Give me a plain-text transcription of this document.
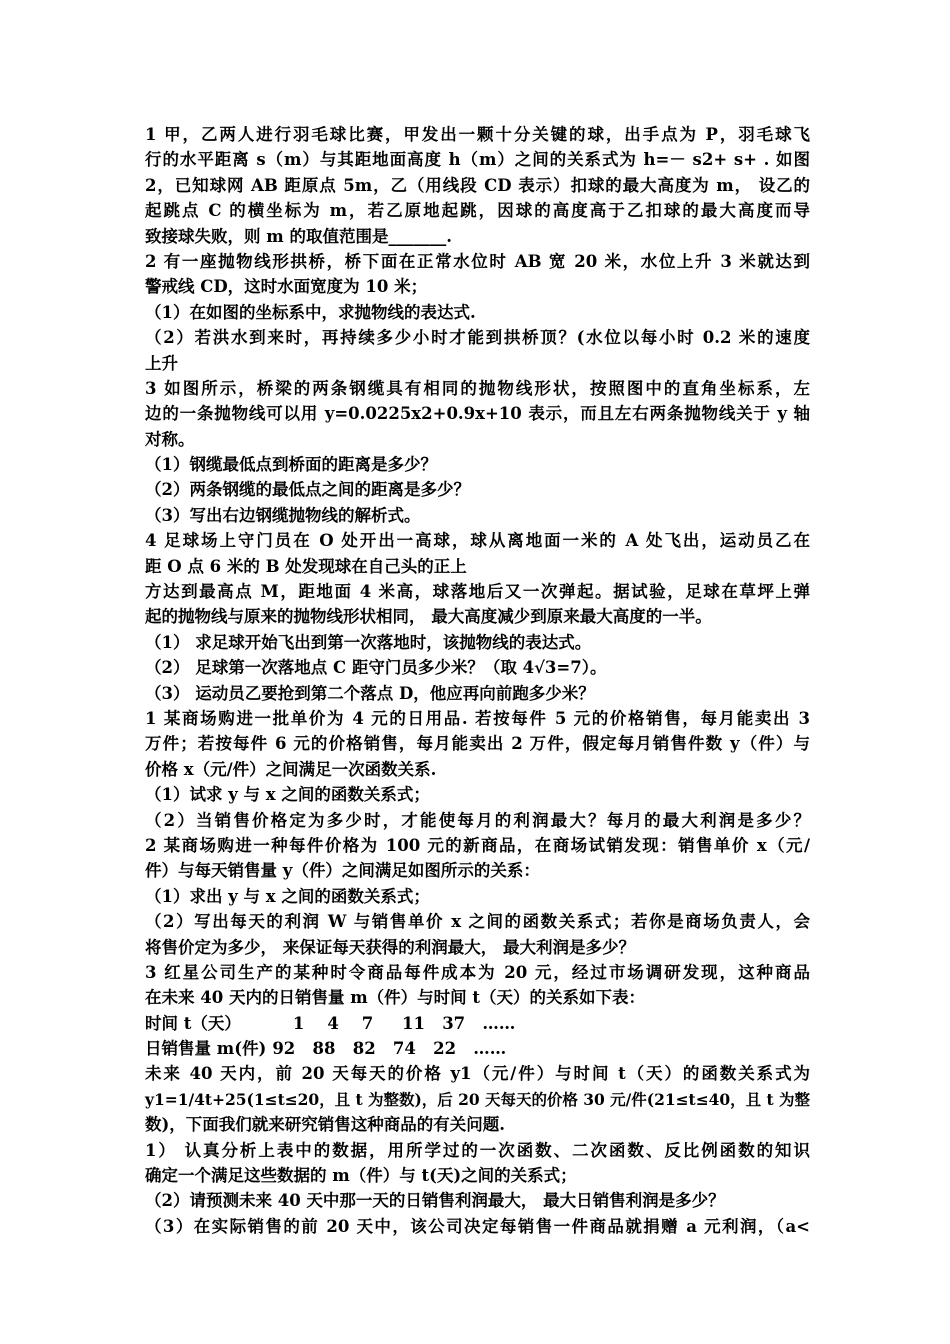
1 甲，乙两人进行羽毛球比赛，甲发出一颗十分关键的球，出手点为 P，羽毛球飞
行的水平距离 s（m）与其距地面高度 h（m）之间的关系式为 h=－ s2+ s+ . 如图
2，已知球网 AB 距原点 5m，乙（用线段 CD 表示）扣球的最大高度为 m， 设乙的
起跳点 C 的横坐标为 m，若乙原地起跳，因球的高度高于乙扣球的最大高度而导
致接球失败，则 m 的取值范围是_______.
2 有一座抛物线形拱桥，桥下面在正常水位时 AB 宽 20 米，水位上升 3 米就达到
警戒线 CD，这时水面宽度为 10 米；
（1）在如图的坐标系中，求抛物线的表达式.
（2）若洪水到来时，再持续多少小时才能到拱桥顶？(水位以每小时 0.2 米的速度
上升
3 如图所示，桥梁的两条钢缆具有相同的抛物线形状，按照图中的直角坐标系，左
边的一条抛物线可以用 y=0.0225x2+0.9x+10 表示，而且左右两条抛物线关于 y 轴
对称。
（1）钢缆最低点到桥面的距离是多少？
（2）两条钢缆的最低点之间的距离是多少？
（3）写出右边钢缆抛物线的解析式。
4 足球场上守门员在 O 处开出一高球，球从离地面一米的 A 处飞出，运动员乙在
距 O 点 6 米的 B 处发现球在自己头的正上
方达到最高点 M，距地面 4 米高，球落地后又一次弹起。据试验，足球在草坪上弹
起的抛物线与原来的抛物线形状相同， 最大高度减少到原来最大高度的一半。
（1） 求足球开始飞出到第一次落地时，该抛物线的表达式。
（2） 足球第一次落地点 C 距守门员多少米？（取 4√3=7）。
（3） 运动员乙要抢到第二个落点 D，他应再向前跑多少米？
1 某商场购进一批单价为 4 元的日用品. 若按每件 5 元的价格销售，每月能卖出 3
万件；若按每件 6 元的价格销售，每月能卖出 2 万件，假定每月销售件数 y（件）与
价格 x（元/件）之间满足一次函数关系.
（1）试求 y 与 x 之间的函数关系式；
（2）当销售价格定为多少时，才能使每月的利润最大？每月的最大利润是多少？
2 某商场购进一种每件价格为 100 元的新商品，在商场试销发现：销售单价 x（元/
件）与每天销售量 y（件）之间满足如图所示的关系：
（1）求出 y 与 x 之间的函数关系式；
（2）写出每天的利润 W 与销售单价 x 之间的函数关系式；若你是商场负责人，会
将售价定为多少， 来保证每天获得的利润最大， 最大利润是多少？
3 红星公司生产的某种时令商品每件成本为 20 元，经过市场调研发现，这种商品
在未来 40 天内的日销售量 m（件）与时间 t（天）的关系如下表：
时间 t（天）	1    4    7     11   37   ……
日销售量 m(件) 92   88   82   74   22   ……
未来 40 天内，前 20 天每天的价格 y1（元/件）与时间 t（天）的函数关系式为
y1=1/4t+25(1≤t≤20，且 t 为整数)，后 20 天每天的价格 30 元/件(21≤t≤40，且 t 为整
数)，下面我们就来研究销售这种商品的有关问题.
1） 认真分析上表中的数据，用所学过的一次函数、二次函数、反比例函数的知识
确定一个满足这些数据的 m（件）与 t(天)之间的关系式；
（2）请预测未来 40 天中那一天的日销售利润最大， 最大日销售利润是多少？
（3）在实际销售的前 20 天中，该公司决定每销售一件商品就捐赠 a 元利润，（a<
